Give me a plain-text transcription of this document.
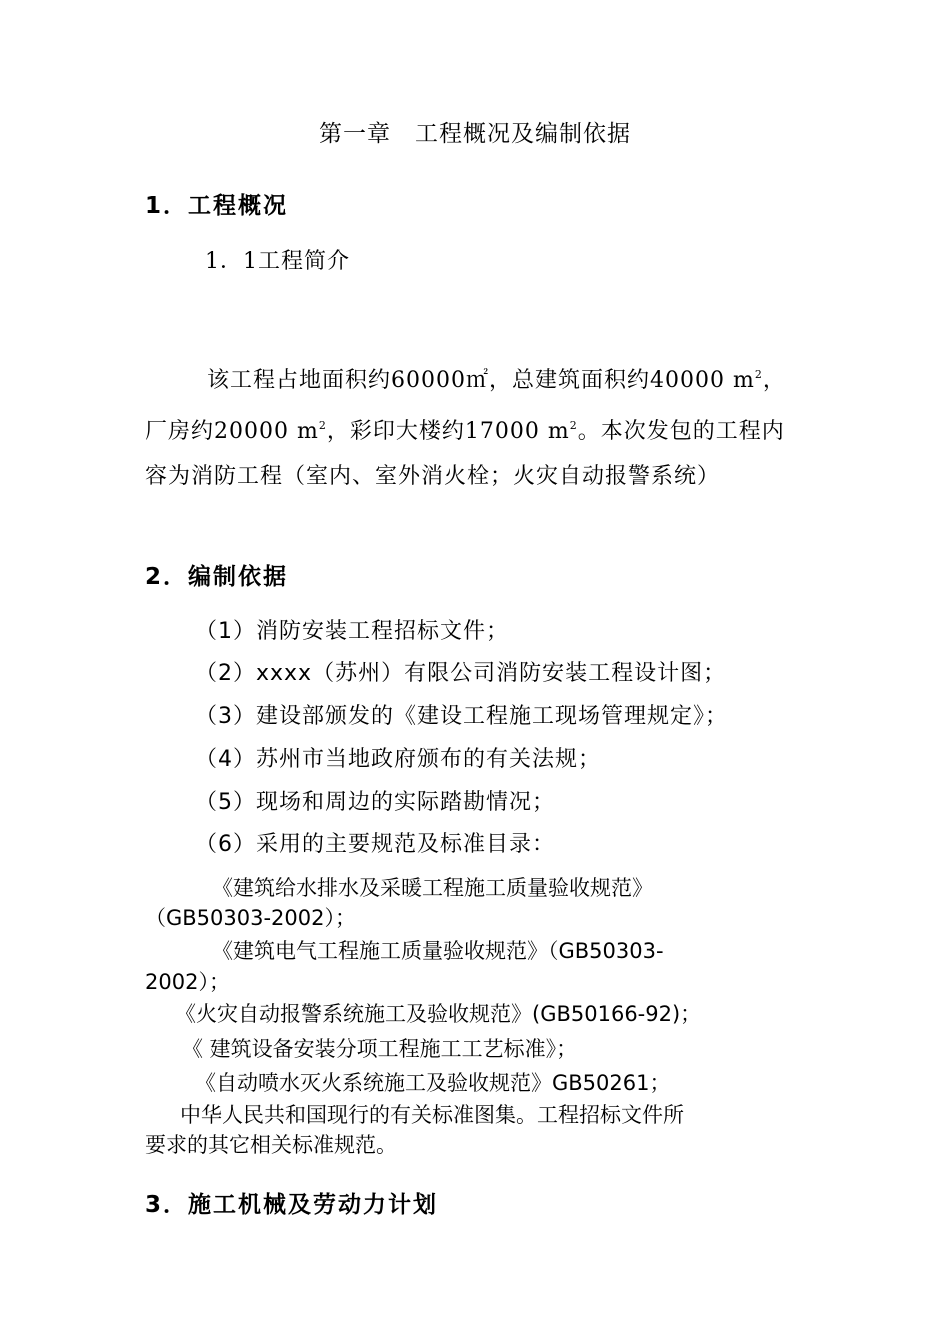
第一章　工程概况及编制依据
1．工程概况
1．1工程简介
该工程占地面积约60000㎡，总建筑面积约40000 $m^2$，厂房约20000 $m^2$，彩印大楼约17000 $m^2$。本次发包的工程内容为消防工程（室内、室外消火栓；火灾自动报警系统）
2．编制依据
（1）消防安装工程招标文件；
（2）xxxx（苏州）有限公司消防安装工程设计图；
（3）建设部颁发的《建设工程施工现场管理规定》；
（4）苏州市当地政府颁布的有关法规；
（5）现场和周边的实际踏勘情况；
（6）采用的主要规范及标准目录：
《建筑给水排水及采暖工程施工质量验收规范》
（GB50303-2002）；
《建筑电气工程施工质量验收规范》（GB50303-
2002）；
《火灾自动报警系统施工及验收规范》(GB50166-92)；
《 建筑设备安装分项工程施工工艺标准》；
《自动喷水灭火系统施工及验收规范》GB50261；
中华人民共和国现行的有关标准图集。工程招标文件所
要求的其它相关标准规范。
3．施工机械及劳动力计划
